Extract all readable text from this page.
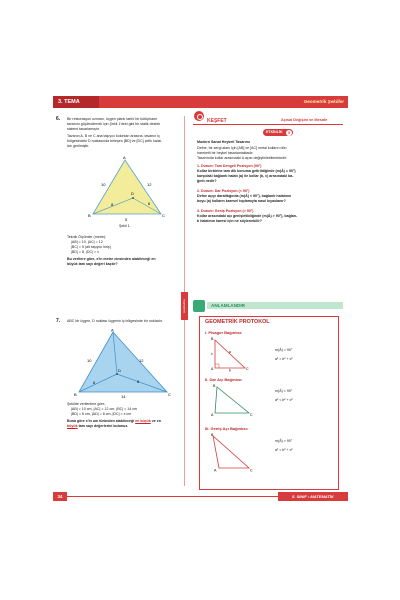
3. TEMA	Geometrik Şekiller
Hatırlatma
6. Bir restorasyon uzmanı, üçgen planlı tarihî bir kütüphane
tavanını güçlendirmek için Şekil 1'deki gibi bir statik destek
sistemi tasarlamıştır.
Tavanın A, B ve C ana taşıyıcı kolonları arasına, tavanın iç
bölgesindeki D noktasında birleşen [BD] ve [DC] çelik halat-
ları gerilmiştir.
A
B	C
D
10	12
8	6
5
Şekil 1
Teknik Ölçümler (metre):
|AB| = 10, |AC| = 12
|BC| = 5 (alt taşıyıcı kiriş)
|BD| = 8, |DC| = x
Bu verilere göre, x'in metre cinsinden alabileceği en
büyük tam sayı değeri kaçtır?
7. ABC bir üçgen, D noktası üçgenin iç bölgesinde bir noktadır.
A
B	C
D
10	12
6	8
14
Şekilde verilenlere göre,
|AB| = 10 cm, |AC| = 12 cm, |BC| = 14 cm
|BD| = 6 cm, |AD| = 8 cm, |DC| = x cm
Buna göre x'in om türünden alabileceği en küçük ve en
büyük tam sayı değerlerini bulunuz.
KEŞFET	Açısal Değişim ve Mesafe
ETKİNLİK	5
Modern Sanat Heykeli Tasarımı
Defne, bir sergi alanı için [AB] ve [AC] metal kolların dön
hareketli bir heykel tasarlamaktadır.
Tasarımda kollar arasındaki A açısı değiştirilebilmektedir:
1. Durum: Tam Dengeli Pozisyon (90°)
Kollar birbirine tam dik konuma getirildiğinde (m(Â) = 90°)
karşıdaki bağlantı halatı (a) ile kollar (b, c) arasındaki ba-
ğıntı nedir?
2. Durum: Dar Pozisyon (< 90°)
Defne açıyı daralttığında (m(Â) < 90°), bağlantı halatının
boyu (a) kolların karesel toplamıyla nasıl kıyaslanır?
3. Durum: Geniş Pozisyon (> 90°)
Kollar arasındaki açı genişletildiğinde (m(Â) > 90°), bağlan-
tı halatının karesi için ne söylenebilir?
ANLAMLANDIR
GEOMETRİK PROTOKOL
I. Pisagor Bağıntısı:
A
B
C
c	a
b
m(Â) = 90°
a² = b² + c²
II. Dar Açı Bağıntısı:
A
B
C
m(Â) < 90°
a² < b² + c²
III. Geniş Açı Bağıntısı:
A
B
C
m(Â) > 90°
a² > b² + c²
34	8. SINIF • MATEMATİK
